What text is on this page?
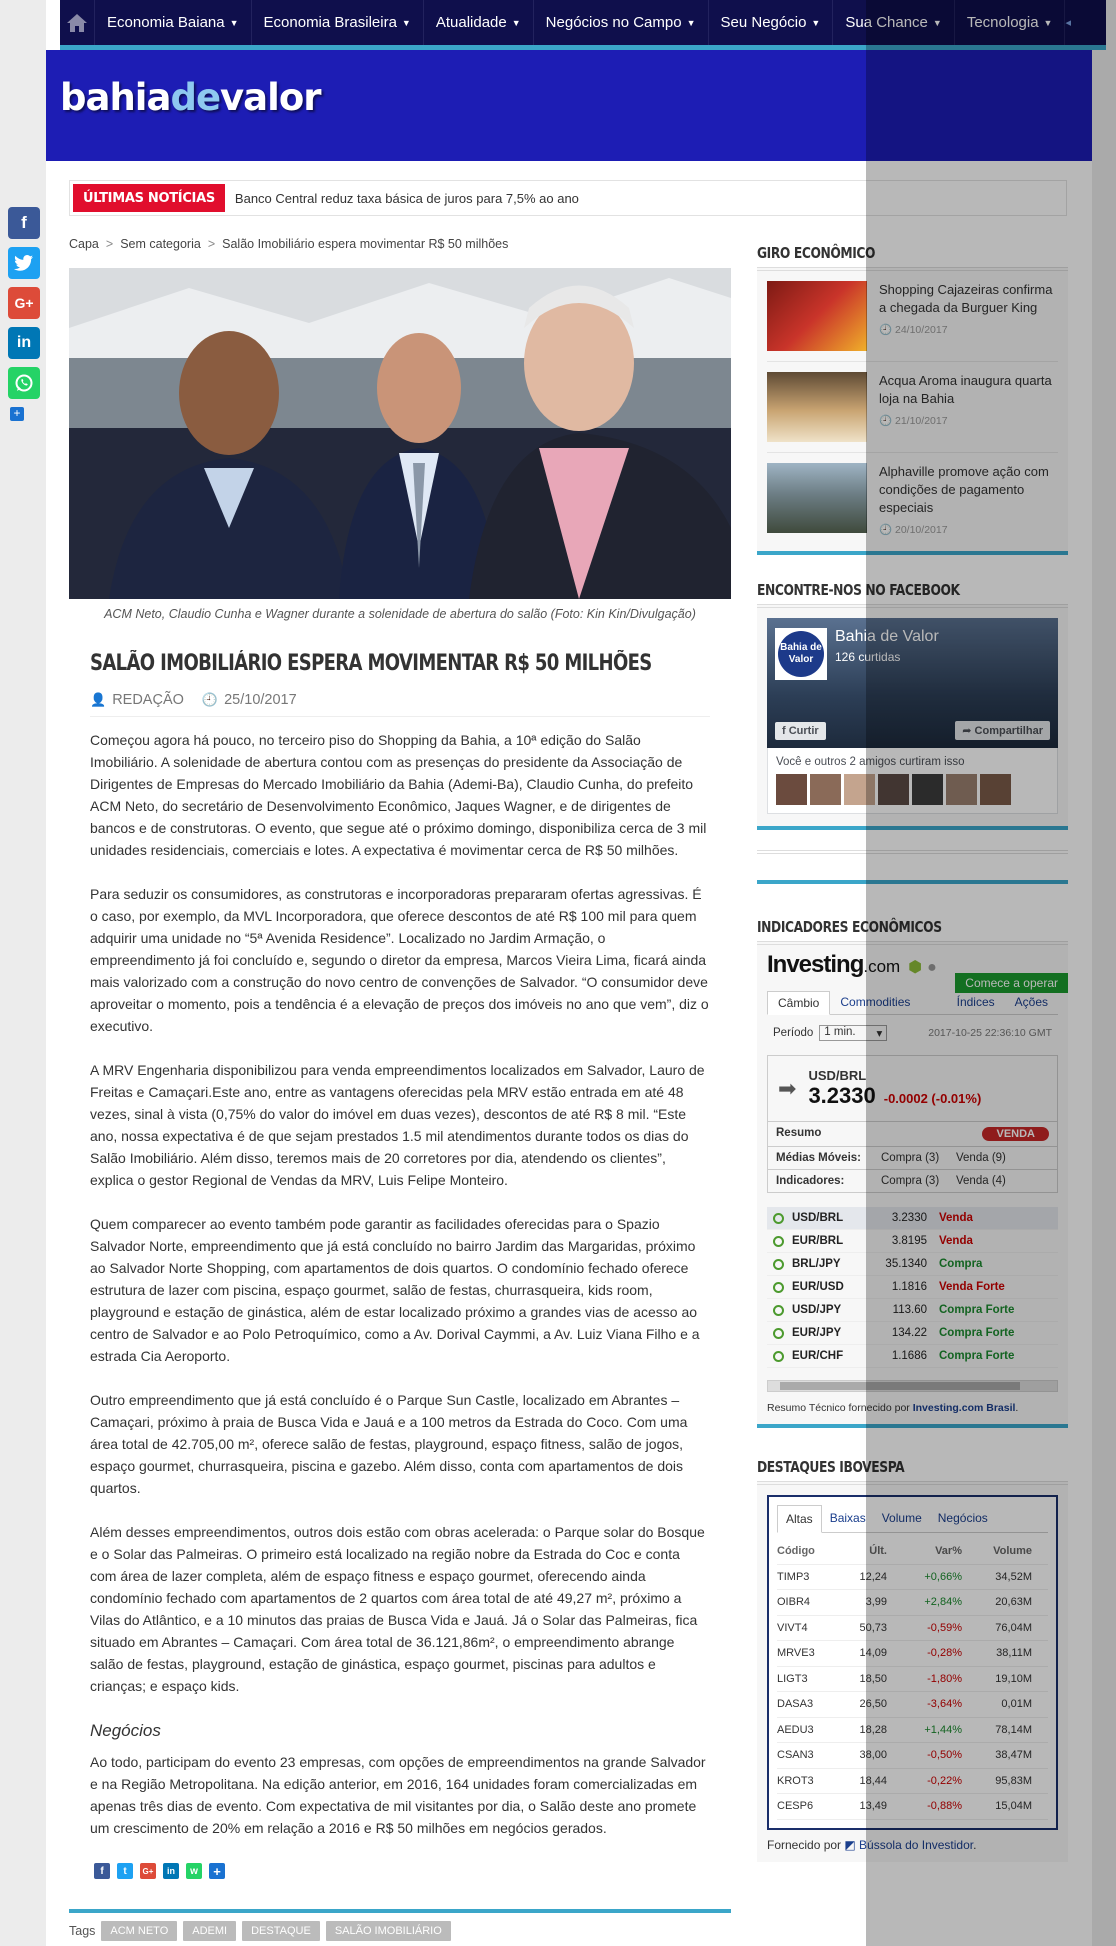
Economia Baiana ▼ Economia Brasileira ▼ Atualidade ▼ Negócios no Campo ▼ Seu Negócio ▼ Sua Chance ▼ Tecnologia ▼ ◂
bahiadevalor
ÚLTIMAS NOTÍCIAS	Banco Central reduz taxa básica de juros para 7,5% ao ano
f
G+
in
+
Capa > Sem categoria > Salão Imobiliário espera movimentar R$ 50 milhões
ACM Neto, Claudio Cunha e Wagner durante a solenidade de abertura do salão (Foto: Kin Kin/Divulgação)
SALÃO IMOBILIÁRIO ESPERA MOVIMENTAR R$ 50 MILHÕES
👤 REDAÇÃO 🕘 25/10/2017

Começou agora há pouco, no terceiro piso do Shopping da Bahia, a 10ª edição do Salão Imobiliário. A solenidade de abertura contou com as presenças do presidente da Associação de Dirigentes de Empresas do Mercado Imobiliário da Bahia (Ademi-Ba), Claudio Cunha, do prefeito ACM Neto, do secretário de Desenvolvimento Econômico, Jaques Wagner, e de dirigentes de bancos e de construtoras. O evento, que segue até o próximo domingo, disponibiliza cerca de 3 mil unidades residenciais, comerciais e lotes. A expectativa é movimentar cerca de R$ 50 milhões.

Para seduzir os consumidores, as construtoras e incorporadoras prepararam ofertas agressivas. É o caso, por exemplo, da MVL Incorporadora, que oferece descontos de até R$ 100 mil para quem adquirir uma unidade no “5ª Avenida Residence”. Localizado no Jardim Armação, o empreendimento já foi concluído e, segundo o diretor da empresa, Marcos Vieira Lima, ficará ainda mais valorizado com a construção do novo centro de convenções de Salvador. “O consumidor deve aproveitar o momento, pois a tendência é a elevação de preços dos imóveis no ano que vem”, diz o executivo.

A MRV Engenharia disponibilizou para venda empreendimentos localizados em Salvador, Lauro de Freitas e Camaçari.Este ano, entre as vantagens oferecidas pela MRV estão entrada em até 48 vezes, sinal à vista (0,75% do valor do imóvel em duas vezes), descontos de até R$ 8 mil. “Este ano, nossa expectativa é de que sejam prestados 1.5 mil atendimentos durante todos os dias do Salão Imobiliário. Além disso, teremos mais de 20 corretores por dia, atendendo os clientes”, explica o gestor Regional de Vendas da MRV, Luis Felipe Monteiro.

Quem comparecer ao evento também pode garantir as facilidades oferecidas para o Spazio Salvador Norte, empreendimento que já está concluído no bairro Jardim das Margaridas, próximo ao Salvador Norte Shopping, com apartamentos de dois quartos. O condomínio fechado oferece estrutura de lazer com piscina, espaço gourmet, salão de festas, churrasqueira, kids room, playground e estação de ginástica, além de estar localizado próximo a grandes vias de acesso ao centro de Salvador e ao Polo Petroquímico, como a Av. Dorival Caymmi, a Av. Luiz Viana Filho e a estrada Cia Aeroporto.

Outro empreendimento que já está concluído é o Parque Sun Castle, localizado em Abrantes – Camaçari, próximo à praia de Busca Vida e Jauá e a 100 metros da Estrada do Coco. Com uma área total de 42.705,00 m², oferece salão de festas, playground, espaço fitness, salão de jogos, espaço gourmet, churrasqueira, piscina e gazebo. Além disso, conta com apartamentos de dois quartos.

Além desses empreendimentos, outros dois estão com obras acelerada: o Parque solar do Bosque e o Solar das Palmeiras. O primeiro está localizado na região nobre da Estrada do Coc e conta com área de lazer completa, além de espaço fitness e espaço gourmet, oferecendo ainda condomínio fechado com apartamentos de 2 quartos com área total de até 49,27 m², próximo a Vilas do Atlântico, e a 10 minutos das praias de Busca Vida e Jauá. Já o Solar das Palmeiras, fica situado em Abrantes – Camaçari. Com área total de 36.121,86m², o empreendimento abrange salão de festas, playground, estação de ginástica, espaço gourmet, piscinas para adultos e crianças; e espaço kids.

Negócios

Ao todo, participam do evento 23 empresas, com opções de empreendimentos na grande Salvador e na Região Metropolitana. Na edição anterior, em 2016, 164 unidades foram comercializadas em apenas três dias de evento. Com expectativa de mil visitantes por dia, o Salão deste ano promete um crescimento de 20% em relação a 2016 e R$ 50 milhões em negócios gerados.

f	t	G+	in	w	+
Tags	ACM NETO	ADEMI	DESTAQUE	SALÃO IMOBILIÁRIO
GIRO ECONÔMICO
Shopping Cajazeiras confirma a chegada da Burguer King
🕘 24/10/2017
Acqua Aroma inaugura quarta loja na Bahia
🕘 21/10/2017
Alphaville promove ação com condições de pagamento especiais
🕘 20/10/2017
ENCONTRE-NOS NO FACEBOOK
Bahia de Valor
Bahia de Valor
126 curtidas
f Curtir	➦ Compartilhar
Você e outros 2 amigos curtiram isso
INDICADORES ECONÔMICOS
Investing .com ⬢ ●
Comece a operar
Câmbio	Commodities	Índices	Ações
Período 1 min. ▾	2017-10-25 22:36:10 GMT
➡ USD/BRL
3.2330 -0.0002 (-0.01%)
Resumo	VENDA
Médias Móveis:	Compra (3)	Venda (9)
Indicadores:	Compra (3)	Venda (4)
USD/BRL	3.2330 Venda
EUR/BRL	3.8195 Venda
BRL/JPY	35.1340 Compra
EUR/USD	1.1816 Venda Forte
USD/JPY	113.60 Compra Forte
EUR/JPY	134.22 Compra Forte
EUR/CHF	1.1686 Compra Forte
Resumo Técnico fornecido por Investing.com Brasil.
DESTAQUES IBOVESPA
Altas	Baixas	Volume	Negócios
Código	Últ.	Var%	Volume
TIMP3	12,24	+0,66%	34,52M
OIBR4	3,99	+2,84%	20,63M
VIVT4	50,73	-0,59%	76,04M
MRVE3	14,09	-0,28%	38,11M
LIGT3	18,50	-1,80%	19,10M
DASA3	26,50	-3,64%	0,01M
AEDU3	18,28	+1,44%	78,14M
CSAN3	38,00	-0,50%	38,47M
KROT3	18,44	-0,22%	95,83M
CESP6	13,49	-0,88%	15,04M
Fornecido por ◩ Bússola do Investidor.
